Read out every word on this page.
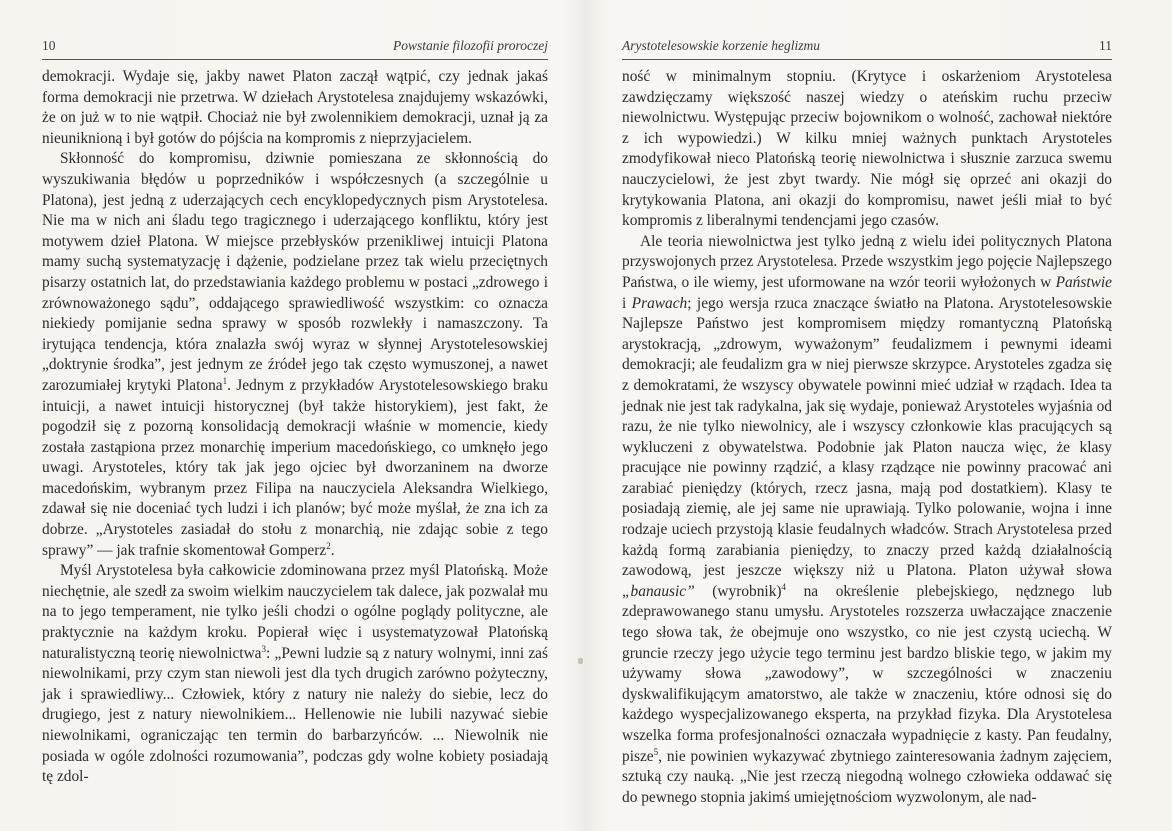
10	Powstanie filozofii proroczej

demokracji. Wydaje się, jakby nawet Platon zaczął wątpić, czy jednak jakaś forma demokracji nie przetrwa. W dziełach Arystotelesa znajdujemy wskazówki, że on już w to nie wątpił. Chociaż nie był zwolennikiem demokracji, uznał ją za nieuniknioną i był gotów do pójścia na kompromis z nieprzyjacielem.

Skłonność do kompromisu, dziwnie pomieszana ze skłonnością do wyszukiwania błędów u poprzedników i współczesnych (a szczególnie u Platona), jest jedną z uderzających cech encyklopedycznych pism Arystotelesa. Nie ma w nich ani śladu tego tragicznego i uderzającego konfliktu, który jest motywem dzieł Platona. W miejsce przebłysków przenikliwej intuicji Platona mamy suchą systematyzację i dążenie, podzielane przez tak wielu przeciętnych pisarzy ostatnich lat, do przedstawiania każdego problemu w postaci „zdrowego i zrównoważonego sądu”, oddającego sprawiedliwość wszystkim: co oznacza niekiedy pomijanie sedna sprawy w sposób rozwlekły i namaszczony. Ta irytująca tendencja, która znalazła swój wyraz w słynnej Arystotelesowskiej „doktrynie środka”, jest jednym ze źródeł jego tak często wymuszonej, a nawet zarozumiałej krytyki Platona$^1$. Jednym z przykładów Arystotelesowskiego braku intuicji, a nawet intuicji historycznej (był także historykiem), jest fakt, że pogodził się z pozorną konsolidacją demokracji właśnie w momencie, kiedy została zastąpiona przez monarchię imperium macedońskiego, co umknęło jego uwagi. Arystoteles, który tak jak jego ojciec był dworzaninem na dworze macedońskim, wybranym przez Filipa na nauczyciela Aleksandra Wielkiego, zdawał się nie doceniać tych ludzi i ich planów; być może myślał, że zna ich za dobrze. „Arystoteles zasiadał do stołu z monarchią, nie zdając sobie z tego sprawy” — jak trafnie skomentował Gomperz$^2$.

Myśl Arystotelesa była całkowicie zdominowana przez myśl Platońską. Może niechętnie, ale szedł za swoim wielkim nauczycielem tak dalece, jak pozwalał mu na to jego temperament, nie tylko jeśli chodzi o ogólne poglądy polityczne, ale praktycznie na każdym kroku. Popierał więc i usystematyzował Platońską naturalistyczną teorię niewolnictwa$^3$: „Pewni ludzie są z natury wolnymi, inni zaś niewolnikami, przy czym stan niewoli jest dla tych drugich zarówno pożyteczny, jak i sprawiedliwy... Człowiek, który z natury nie należy do siebie, lecz do drugiego, jest z natury niewolnikiem... Hellenowie nie lubili nazywać siebie niewolnikami, ograniczając ten termin do barbarzyńców. ... Niewolnik nie posiada w ogóle zdolności rozumowania”, podczas gdy wolne kobiety posiadają tę zdol-

Arystotelesowskie korzenie heglizmu	11

ność w minimalnym stopniu. (Krytyce i oskarżeniom Arystotelesa zawdzięczamy większość naszej wiedzy o ateńskim ruchu przeciw niewolnictwu. Występując przeciw bojownikom o wolność, zachował niektóre z ich wypowiedzi.) W kilku mniej ważnych punktach Arystoteles zmodyfikował nieco Platońską teorię niewolnictwa i słusznie zarzuca swemu nauczycielowi, że jest zbyt twardy. Nie mógł się oprzeć ani okazji do krytykowania Platona, ani okazji do kompromisu, nawet jeśli miał to być kompromis z liberalnymi tendencjami jego czasów.

Ale teoria niewolnictwa jest tylko jedną z wielu idei politycznych Platona przyswojonych przez Arystotelesa. Przede wszystkim jego pojęcie Najlepszego Państwa, o ile wiemy, jest uformowane na wzór teorii wyłożonych w Państwie i Prawach; jego wersja rzuca znaczące światło na Platona. Arystotelesowskie Najlepsze Państwo jest kompromisem między romantyczną Platońską arystokracją, „zdrowym, wyważonym” feudalizmem i pewnymi ideami demokracji; ale feudalizm gra w niej pierwsze skrzypce. Arystoteles zgadza się z demokratami, że wszyscy obywatele powinni mieć udział w rządach. Idea ta jednak nie jest tak radykalna, jak się wydaje, ponieważ Arystoteles wyjaśnia od razu, że nie tylko niewolnicy, ale i wszyscy członkowie klas pracujących są wykluczeni z obywatelstwa. Podobnie jak Platon naucza więc, że klasy pracujące nie powinny rządzić, a klasy rządzące nie powinny pracować ani zarabiać pieniędzy (których, rzecz jasna, mają pod dostatkiem). Klasy te posiadają ziemię, ale jej same nie uprawiają. Tylko polowanie, wojna i inne rodzaje uciech przystoją klasie feudalnych władców. Strach Arystotelesa przed każdą formą zarabiania pieniędzy, to znaczy przed każdą działalnością zawodową, jest jeszcze większy niż u Platona. Platon używał słowa „banausic” (wyrobnik)$^4$ na określenie plebejskiego, nędznego lub zdeprawowanego stanu umysłu. Arystoteles rozszerza uwłaczające znaczenie tego słowa tak, że obejmuje ono wszystko, co nie jest czystą uciechą. W gruncie rzeczy jego użycie tego terminu jest bardzo bliskie tego, w jakim my używamy słowa „zawodowy”, w szczególności w znaczeniu dyskwalifikującym amatorstwo, ale także w znaczeniu, które odnosi się do każdego wyspecjalizowanego eksperta, na przykład fizyka. Dla Arystotelesa wszelka forma profesjonalności oznaczała wypadnięcie z kasty. Pan feudalny, pisze$^5$, nie powinien wykazywać zbytniego zainteresowania żadnym zajęciem, sztuką czy nauką. „Nie jest rzeczą niegodną wolnego człowieka oddawać się do pewnego stopnia jakimś umiejętnościom wyzwolonym, ale nad-
